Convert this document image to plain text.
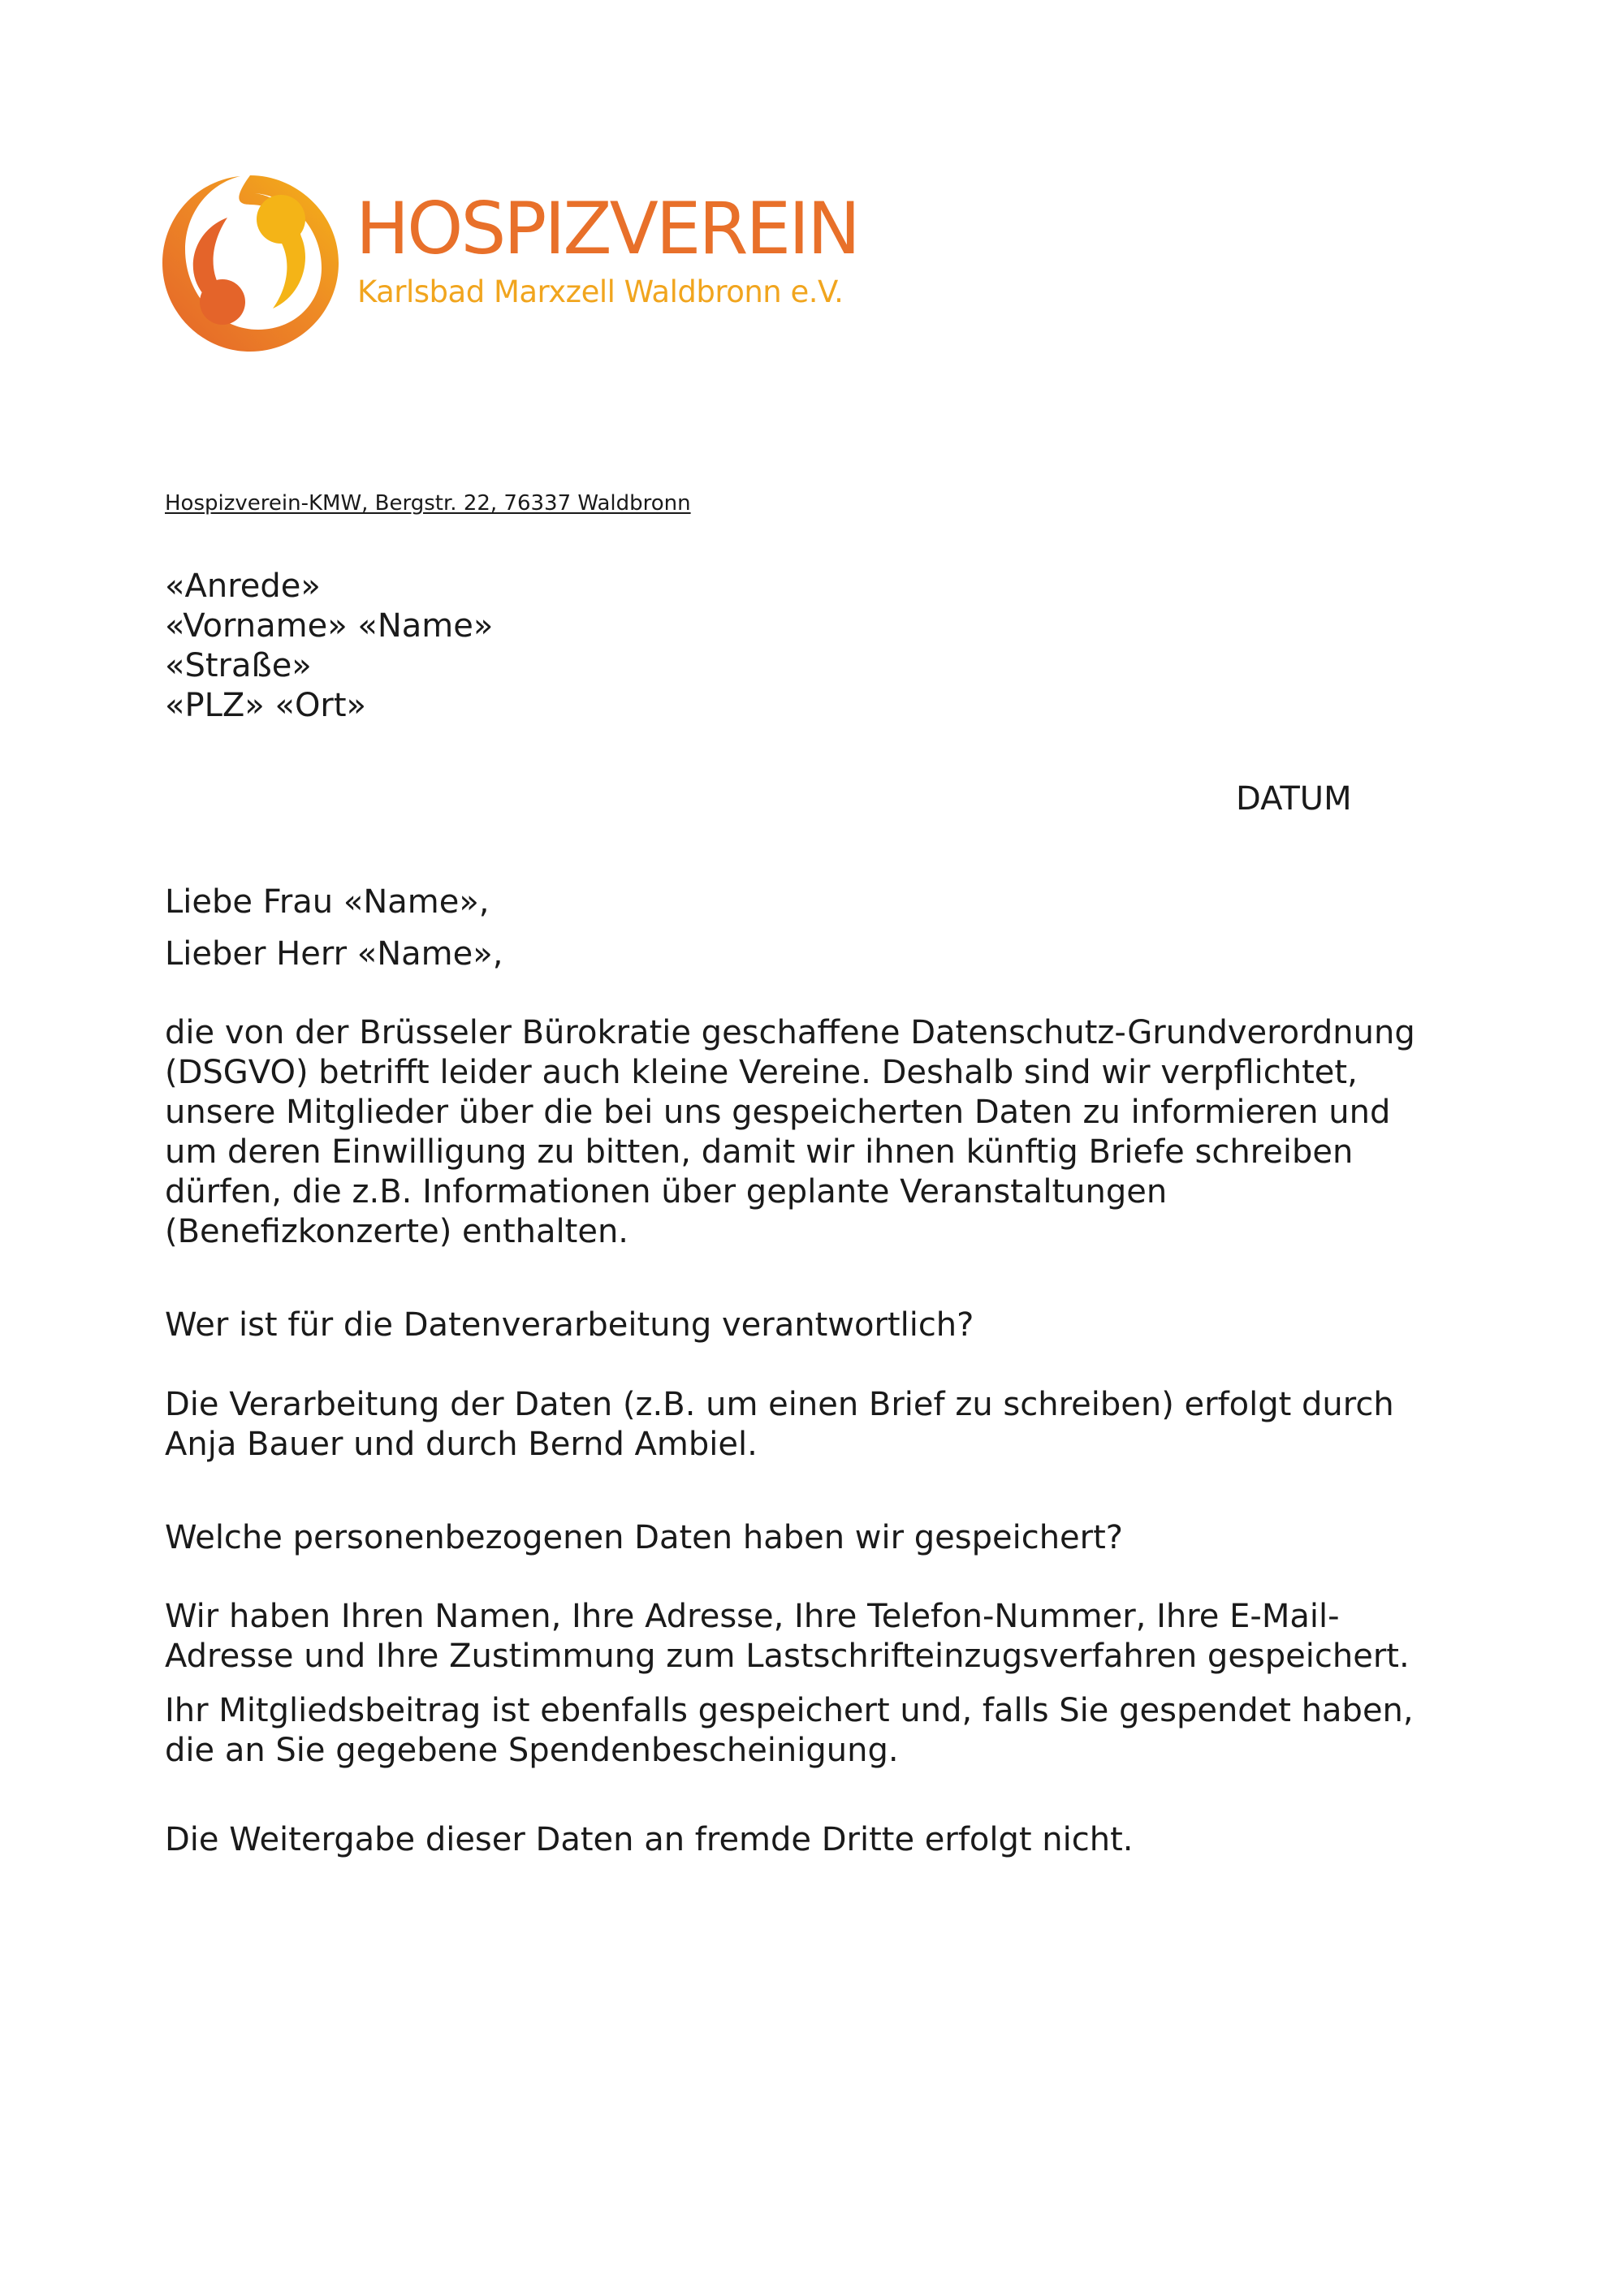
HOSPIZVEREIN
Karlsbad Marxzell Waldbronn e.V.
Hospizverein-KMW, Bergstr. 22, 76337 Waldbronn
«Anrede»
«Vorname» «Name»
«Straße»
«PLZ» «Ort»
DATUM
Liebe Frau «Name»,
Lieber Herr «Name»,
die von der Brüsseler Bürokratie geschaffene Datenschutz-Grundverordnung
(DSGVO) betrifft leider auch kleine Vereine. Deshalb sind wir verpflichtet,
unsere Mitglieder über die bei uns gespeicherten Daten zu informieren und
um deren Einwilligung zu bitten, damit wir ihnen künftig Briefe schreiben
dürfen, die z.B. Informationen über geplante Veranstaltungen
(Benefizkonzerte) enthalten.
Wer ist für die Datenverarbeitung verantwortlich?
Die Verarbeitung der Daten (z.B. um einen Brief zu schreiben) erfolgt durch
Anja Bauer und durch Bernd Ambiel.
Welche personenbezogenen Daten haben wir gespeichert?
Wir haben Ihren Namen, Ihre Adresse, Ihre Telefon-Nummer, Ihre E-Mail-
Adresse und Ihre Zustimmung zum Lastschrifteinzugsverfahren gespeichert.
Ihr Mitgliedsbeitrag ist ebenfalls gespeichert und, falls Sie gespendet haben,
die an Sie gegebene Spendenbescheinigung.
Die Weitergabe dieser Daten an fremde Dritte erfolgt nicht.
